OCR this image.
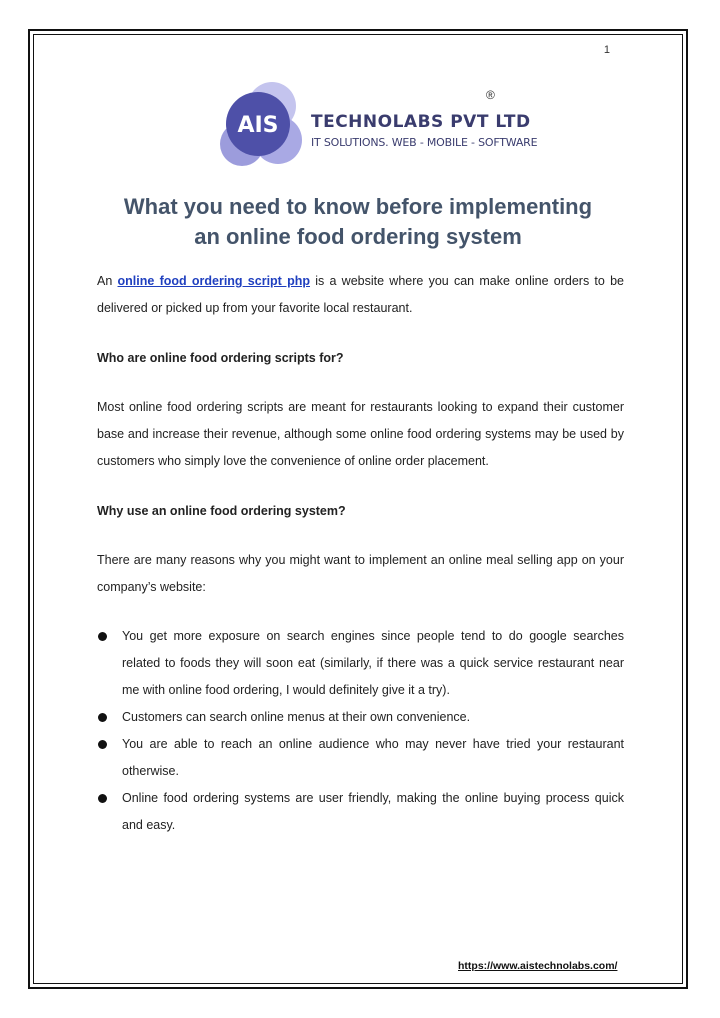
1
AIS TECHNOLABS PVT LTD
IT SOLUTIONS. WEB - MOBILE - SOFTWARE
®
What you need to know before implementing
an online food ordering system

An online food ordering script php is a website where you can make online orders to be delivered or picked up from your favorite local restaurant.

Who are online food ordering scripts for?

Most online food ordering scripts are meant for restaurants looking to expand their customer base and increase their revenue, although some online food ordering systems may be used by customers who simply love the convenience of online order placement.

Why use an online food ordering system?

There are many reasons why you might want to implement an online meal selling app on your company’s website:

You get more exposure on search engines since people tend to do google searches related to foods they will soon eat (similarly, if there was a quick service restaurant near me with online food ordering, I would definitely give it a try).
Customers can search online menus at their own convenience.
You are able to reach an online audience who may never have tried your restaurant otherwise.
Online food ordering systems are user friendly, making the online buying process quick and easy.
https://www.aistechnolabs.com/
